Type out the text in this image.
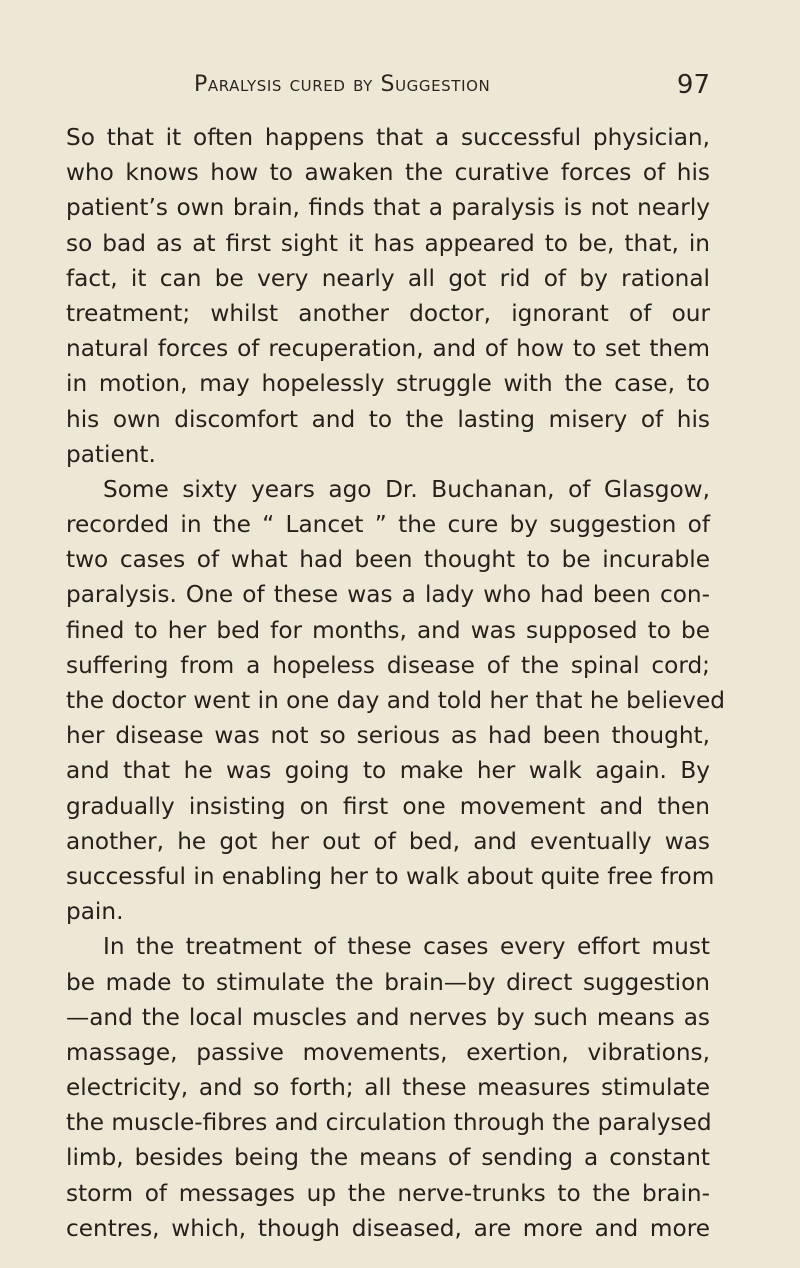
Paralysis cured by Suggestion	97
So that it often happens that a successful physician,
who knows how to awaken the curative forces of his
patient’s own brain, finds that a paralysis is not nearly
so bad as at first sight it has appeared to be, that, in
fact, it can be very nearly all got rid of by rational
treatment; whilst another doctor, ignorant of our
natural forces of recuperation, and of how to set them
in motion, may hopelessly struggle with the case, to
his own discomfort and to the lasting misery of his
patient.
Some sixty years ago Dr. Buchanan, of Glasgow,
recorded in the “ Lancet ” the cure by suggestion of
two cases of what had been thought to be incurable
paralysis. One of these was a lady who had been con-
fined to her bed for months, and was supposed to be
suffering from a hopeless disease of the spinal cord;
the doctor went in one day and told her that he believed
her disease was not so serious as had been thought,
and that he was going to make her walk again. By
gradually insisting on first one movement and then
another, he got her out of bed, and eventually was
successful in enabling her to walk about quite free from
pain.
In the treatment of these cases every effort must
be made to stimulate the brain—by direct suggestion
—and the local muscles and nerves by such means as
massage, passive movements, exertion, vibrations,
electricity, and so forth; all these measures stimulate
the muscle-fibres and circulation through the paralysed
limb, besides being the means of sending a constant
storm of messages up the nerve-trunks to the brain-
centres, which, though diseased, are more and more
